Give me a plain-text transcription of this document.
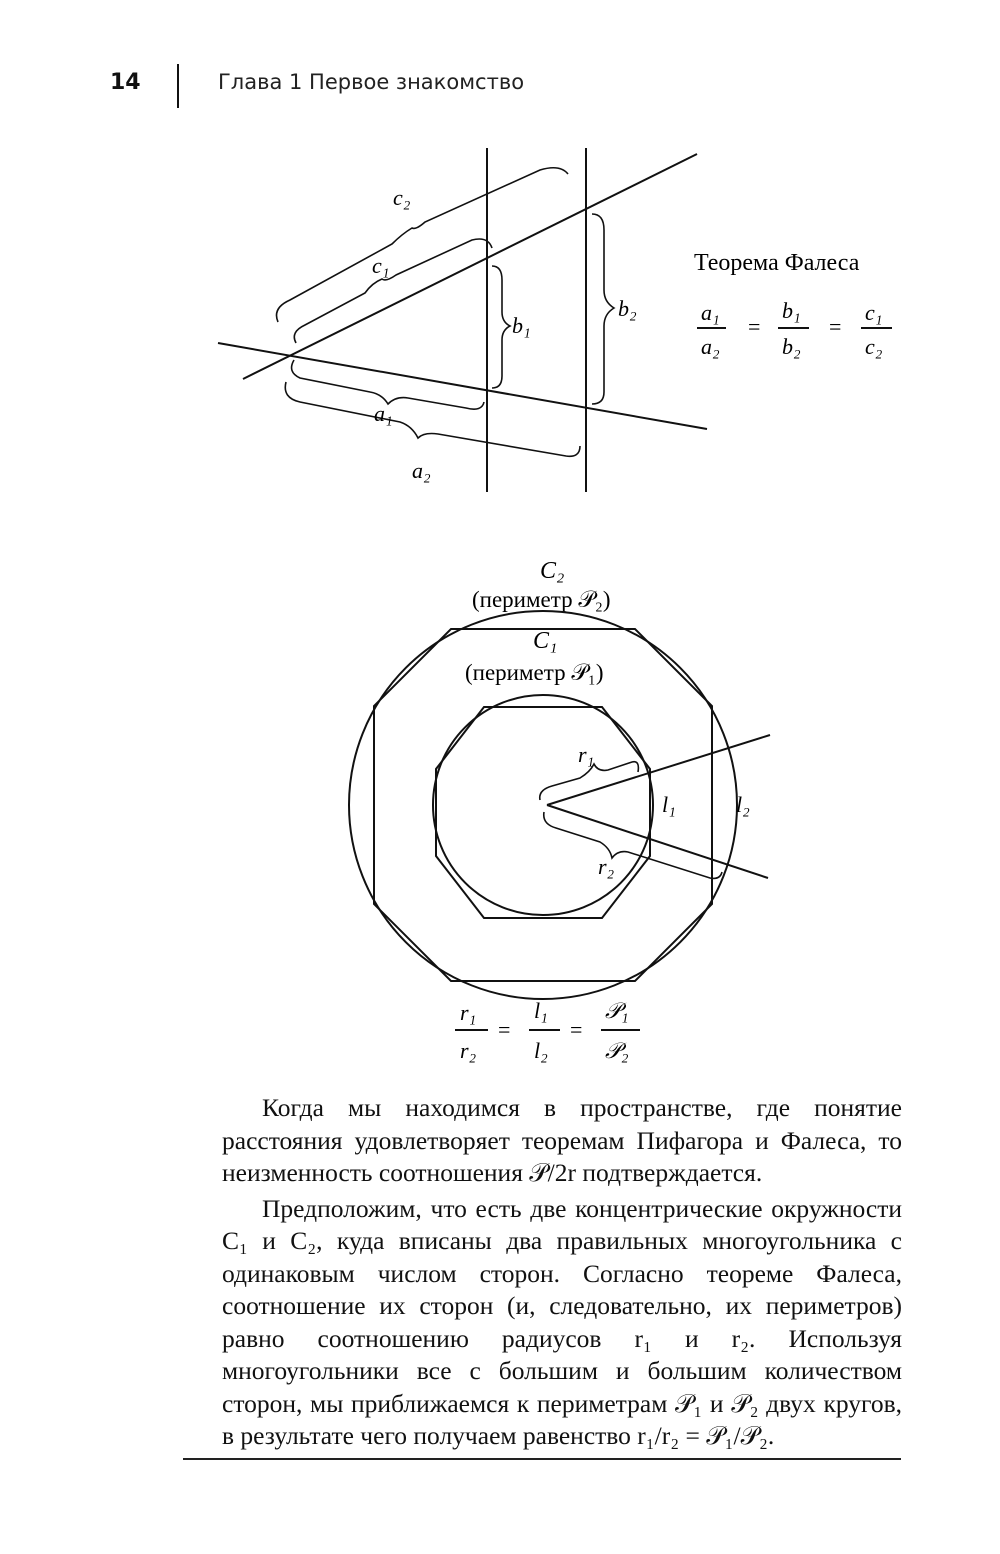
14	Глава 1 Первое знакомство
c₂
c₁
b₁
b₂
a₁
a₂
Теорема Фалеса
a₁
a₂
=
b₁
b₂
=
c₁
c₂
C₂
(периметр 𝒫₂)
C₁
(периметр 𝒫₁)
r₁
r₂
l₁	l₂
r₁
r₂
=
l₁
l₂
=
𝒫₁
𝒫₂

Когда мы находимся в пространстве, где понятие расстояния удовлетворяет теоремам Пифагора и Фалеса, то неизменность соотношения 𝒫/2r подтверждается.

Предположим, что есть две концентрические окружности C₁ и C₂, куда вписаны два правильных многоугольника с одинаковым числом сторон. Согласно теореме Фалеса, соотношение их сторон (и, следовательно, их периметров) равно соотношению радиусов r₁ и r₂. Используя многоугольники все с большим и большим количеством сторон, мы приближаемся к периметрам 𝒫₁ и 𝒫₂ двух кругов, в результате чего получаем равенство r₁/r₂ = 𝒫₁/𝒫₂.
